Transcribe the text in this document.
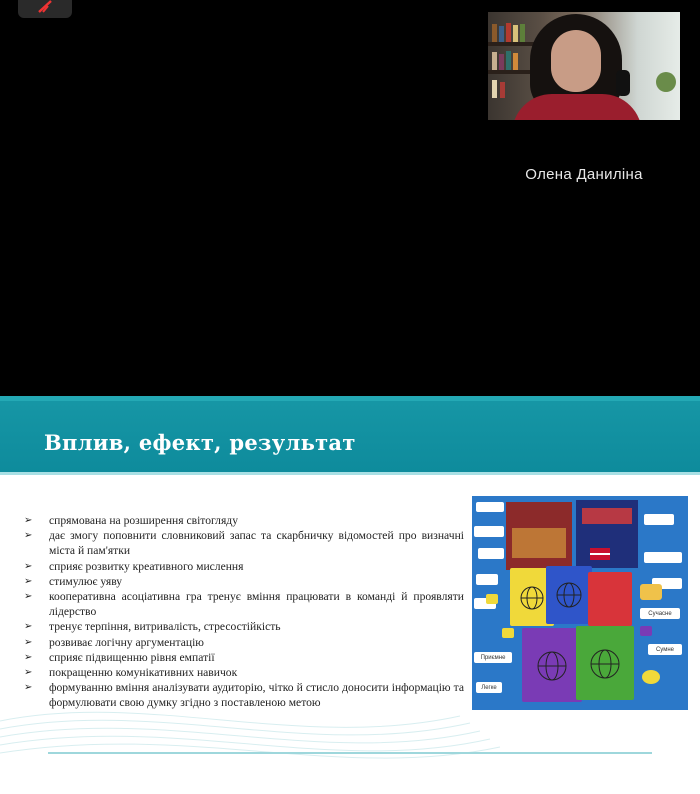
Олена Даниліна
Вплив, ефект, результат
➢ спрямована на розширення світогляду
➢ дає змогу поповнити словниковий запас та скарбничку відомостей про визначні міста й пам'ятки
➢ сприяє розвитку креативного мислення
➢ стимулює уяву
➢ кооперативна асоціативна гра тренує вміння працювати в команді й проявляти лідерство
➢ тренує терпіння, витривалість, стресостійкість
➢ розвиває логічну аргументацію
➢ сприяє підвищенню рівня емпатії
➢ покращенню комунікативних навичок
➢ формуванню вміння аналізувати аудиторію, чітко й стисло доносити інформацію та формулювати свою думку згідно з поставленою метою
Сучасне
Сумне
Приємне
Легке
